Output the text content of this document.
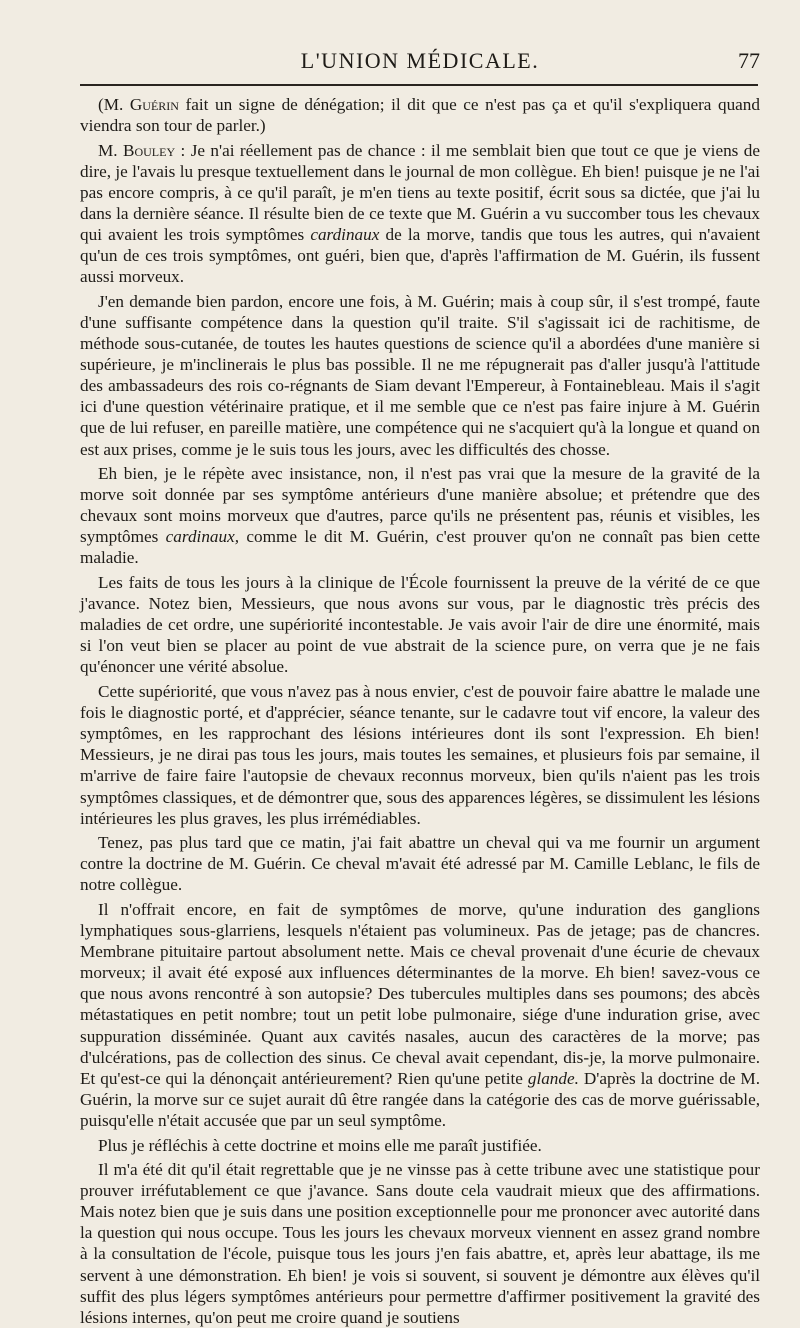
L'UNION MÉDICALE.	77

(M. Guérin fait un signe de dénégation; il dit que ce n'est pas ça et qu'il s'expliquera quand viendra son tour de parler.)

M. Bouley : Je n'ai réellement pas de chance : il me semblait bien que tout ce que je viens de dire, je l'avais lu presque textuellement dans le journal de mon collègue. Eh bien! puisque je ne l'ai pas encore compris, à ce qu'il paraît, je m'en tiens au texte positif, écrit sous sa dictée, que j'ai lu dans la dernière séance. Il résulte bien de ce texte que M. Guérin a vu succomber tous les chevaux qui avaient les trois symptômes cardinaux de la morve, tandis que tous les autres, qui n'avaient qu'un de ces trois symptômes, ont guéri, bien que, d'après l'affirmation de M. Guérin, ils fussent aussi morveux.

J'en demande bien pardon, encore une fois, à M. Guérin; mais à coup sûr, il s'est trompé, faute d'une suffisante compétence dans la question qu'il traite. S'il s'agissait ici de rachitisme, de méthode sous-cutanée, de toutes les hautes questions de science qu'il a abordées d'une manière si supérieure, je m'inclinerais le plus bas possible. Il ne me répugnerait pas d'aller jusqu'à l'attitude des ambassadeurs des rois co-régnants de Siam devant l'Empereur, à Fontainebleau. Mais il s'agit ici d'une question vétérinaire pratique, et il me semble que ce n'est pas faire injure à M. Guérin que de lui refuser, en pareille matière, une compétence qui ne s'acquiert qu'à la longue et quand on est aux prises, comme je le suis tous les jours, avec les difficultés des chosse.

Eh bien, je le répète avec insistance, non, il n'est pas vrai que la mesure de la gravité de la morve soit donnée par ses symptôme antérieurs d'une manière absolue; et prétendre que des chevaux sont moins morveux que d'autres, parce qu'ils ne présentent pas, réunis et visibles, les symptômes cardinaux, comme le dit M. Guérin, c'est prouver qu'on ne connaît pas bien cette maladie.

Les faits de tous les jours à la clinique de l'École fournissent la preuve de la vérité de ce que j'avance. Notez bien, Messieurs, que nous avons sur vous, par le diagnostic très précis des maladies de cet ordre, une supériorité incontestable. Je vais avoir l'air de dire une énormité, mais si l'on veut bien se placer au point de vue abstrait de la science pure, on verra que je ne fais qu'énoncer une vérité absolue.

Cette supériorité, que vous n'avez pas à nous envier, c'est de pouvoir faire abattre le malade une fois le diagnostic porté, et d'apprécier, séance tenante, sur le cadavre tout vif encore, la valeur des symptômes, en les rapprochant des lésions intérieures dont ils sont l'expression. Eh bien! Messieurs, je ne dirai pas tous les jours, mais toutes les semaines, et plusieurs fois par semaine, il m'arrive de faire faire l'autopsie de chevaux reconnus morveux, bien qu'ils n'aient pas les trois symptômes classiques, et de démontrer que, sous des apparences légères, se dissimulent les lésions intérieures les plus graves, les plus irrémédiables.

Tenez, pas plus tard que ce matin, j'ai fait abattre un cheval qui va me fournir un argument contre la doctrine de M. Guérin. Ce cheval m'avait été adressé par M. Camille Leblanc, le fils de notre collègue.

Il n'offrait encore, en fait de symptômes de morve, qu'une induration des ganglions lymphatiques sous-glarriens, lesquels n'étaient pas volumineux. Pas de jetage; pas de chancres. Membrane pituitaire partout absolument nette. Mais ce cheval provenait d'une écurie de chevaux morveux; il avait été exposé aux influences déterminantes de la morve. Eh bien! savez-vous ce que nous avons rencontré à son autopsie? Des tubercules multiples dans ses poumons; des abcès métastatiques en petit nombre; tout un petit lobe pulmonaire, siége d'une induration grise, avec suppuration disséminée. Quant aux cavités nasales, aucun des caractères de la morve; pas d'ulcérations, pas de collection des sinus. Ce cheval avait cependant, dis-je, la morve pulmonaire. Et qu'est-ce qui la dénonçait antérieurement? Rien qu'une petite glande. D'après la doctrine de M. Guérin, la morve sur ce sujet aurait dû être rangée dans la catégorie des cas de morve guérissable, puisqu'elle n'était accusée que par un seul symptôme.

Plus je réfléchis à cette doctrine et moins elle me paraît justifiée.

Il m'a été dit qu'il était regrettable que je ne vinsse pas à cette tribune avec une statistique pour prouver irréfutablement ce que j'avance. Sans doute cela vaudrait mieux que des affirmations. Mais notez bien que je suis dans une position exceptionnelle pour me prononcer avec autorité dans la question qui nous occupe. Tous les jours les chevaux morveux viennent en assez grand nombre à la consultation de l'école, puisque tous les jours j'en fais abattre, et, après leur abattage, ils me servent à une démonstration. Eh bien! je vois si souvent, si souvent je démontre aux élèves qu'il suffit des plus légers symptômes antérieurs pour permettre d'affirmer positivement la gravité des lésions internes, qu'on peut me croire quand je soutiens
